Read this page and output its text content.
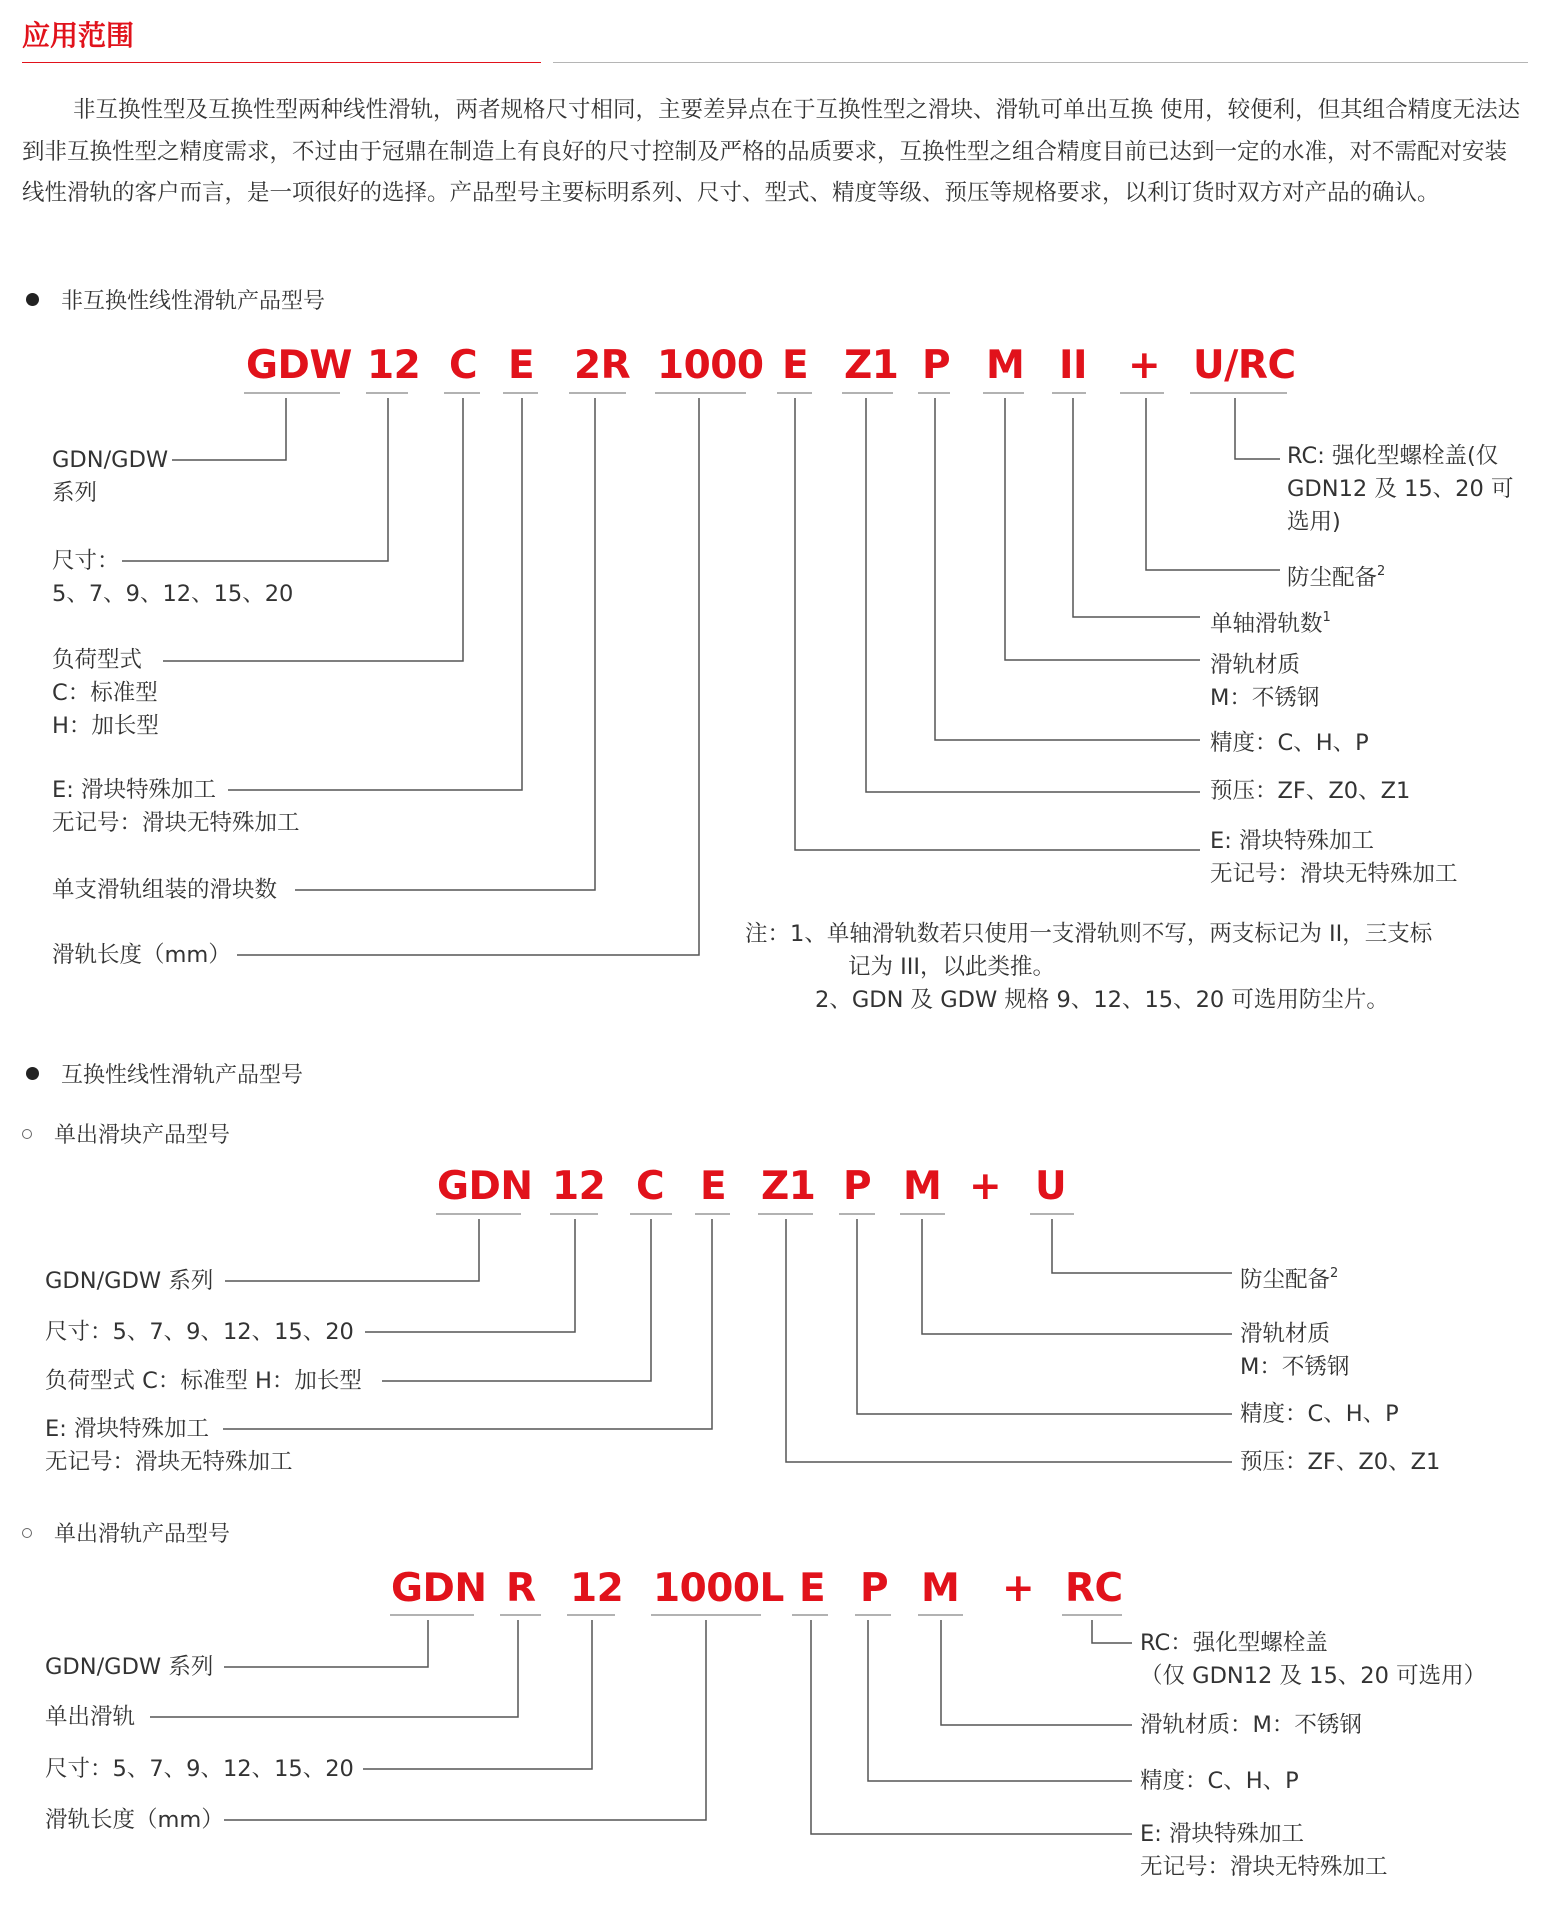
应用范围
非互换性型及互换性型两种线性滑轨，两者规格尺寸相同，主要差异点在于互换性型之滑块、滑轨可单出互换 使用，较便利，但其组合精度无法达到非互换性型之精度需求，不过由于冠鼎在制造上有良好的尺寸控制及严格的品质要求，互换性型之组合精度目前已达到一定的水准，对不需配对安装线性滑轨的客户而言，是一项很好的选择。产品型号主要标明系列、尺寸、型式、精度等级、预压等规格要求，以利订货时双方对产品的确认。
非互换性线性滑轨产品型号
GDW 12 C E 2R 1000 E Z1 P M II + U/RC
GDN/GDW
系列
尺寸：
5、7、9、12、15、20
负荷型式
C：标准型
H：加长型
E: 滑块特殊加工
无记号：滑块无特殊加工
单支滑轨组装的滑块数
滑轨长度（mm）
RC: 强化型螺栓盖(仅
GDN12 及 15、20 可
选用)
防尘配备$^2$
单轴滑轨数$^1$
滑轨材质
M：不锈钢
精度：C、H、P
预压：ZF、Z0、Z1
E: 滑块特殊加工
无记号：滑块无特殊加工
注：1、单轴滑轨数若只使用一支滑轨则不写，两支标记为 II，三支标
记为 III，以此类推。
2、GDN 及 GDW 规格 9、12、15、20 可选用防尘片。
互换性线性滑轨产品型号
单出滑块产品型号
GDN 12 C E Z1 P M + U
GDN/GDW 系列
尺寸：5、7、9、12、15、20
负荷型式 C：标准型 H：加长型
E: 滑块特殊加工
无记号：滑块无特殊加工
防尘配备$^2$
滑轨材质
M：不锈钢
精度：C、H、P
预压：ZF、Z0、Z1
单出滑轨产品型号
GDN R 12 1000L E P M + RC
GDN/GDW 系列
单出滑轨
尺寸：5、7、9、12、15、20
滑轨长度（mm）
RC：强化型螺栓盖
（仅 GDN12 及 15、20 可选用）
滑轨材质：M：不锈钢
精度：C、H、P
E: 滑块特殊加工
无记号：滑块无特殊加工
